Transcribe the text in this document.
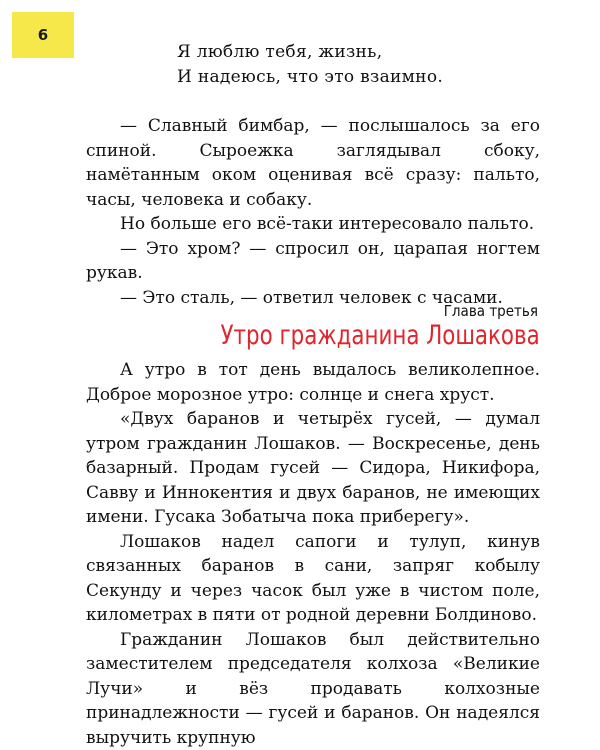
6
Я люблю тебя, жизнь,
И надеюсь, что это взаимно.

— Славный бимбар, — послышалось за его спиной. Сыроежка заглядывал сбоку, намётанным оком оценивая всё сразу: пальто, часы, человека и собаку.

Но больше его всё-таки интересовало пальто.

— Это хром? — спросил он, царапая ногтем рукав.

— Это сталь, — ответил человек с часами.

Глава третья
Утро гражданина Лошакова

А утро в тот день выдалось великолепное. Доброе морозное утро: солнце и снега хруст.

«Двух баранов и четырёх гусей, — думал утром гражданин Лошаков. — Воскресенье, день базарный. Продам гусей — Сидора, Никифора, Савву и Иннокентия и двух баранов, не имеющих имени. Гусака Зобатыча пока приберегу».

Лошаков надел сапоги и тулуп, кинув связанных баранов в сани, запряг кобылу Секунду и через часок был уже в чистом поле, километрах в пяти от родной деревни Болдиново.

Гражданин Лошаков был действительно заместителем председателя колхоза «Великие Лучи» и вёз продавать колхозные принадлежности — гусей и баранов. Он надеялся выручить крупную
